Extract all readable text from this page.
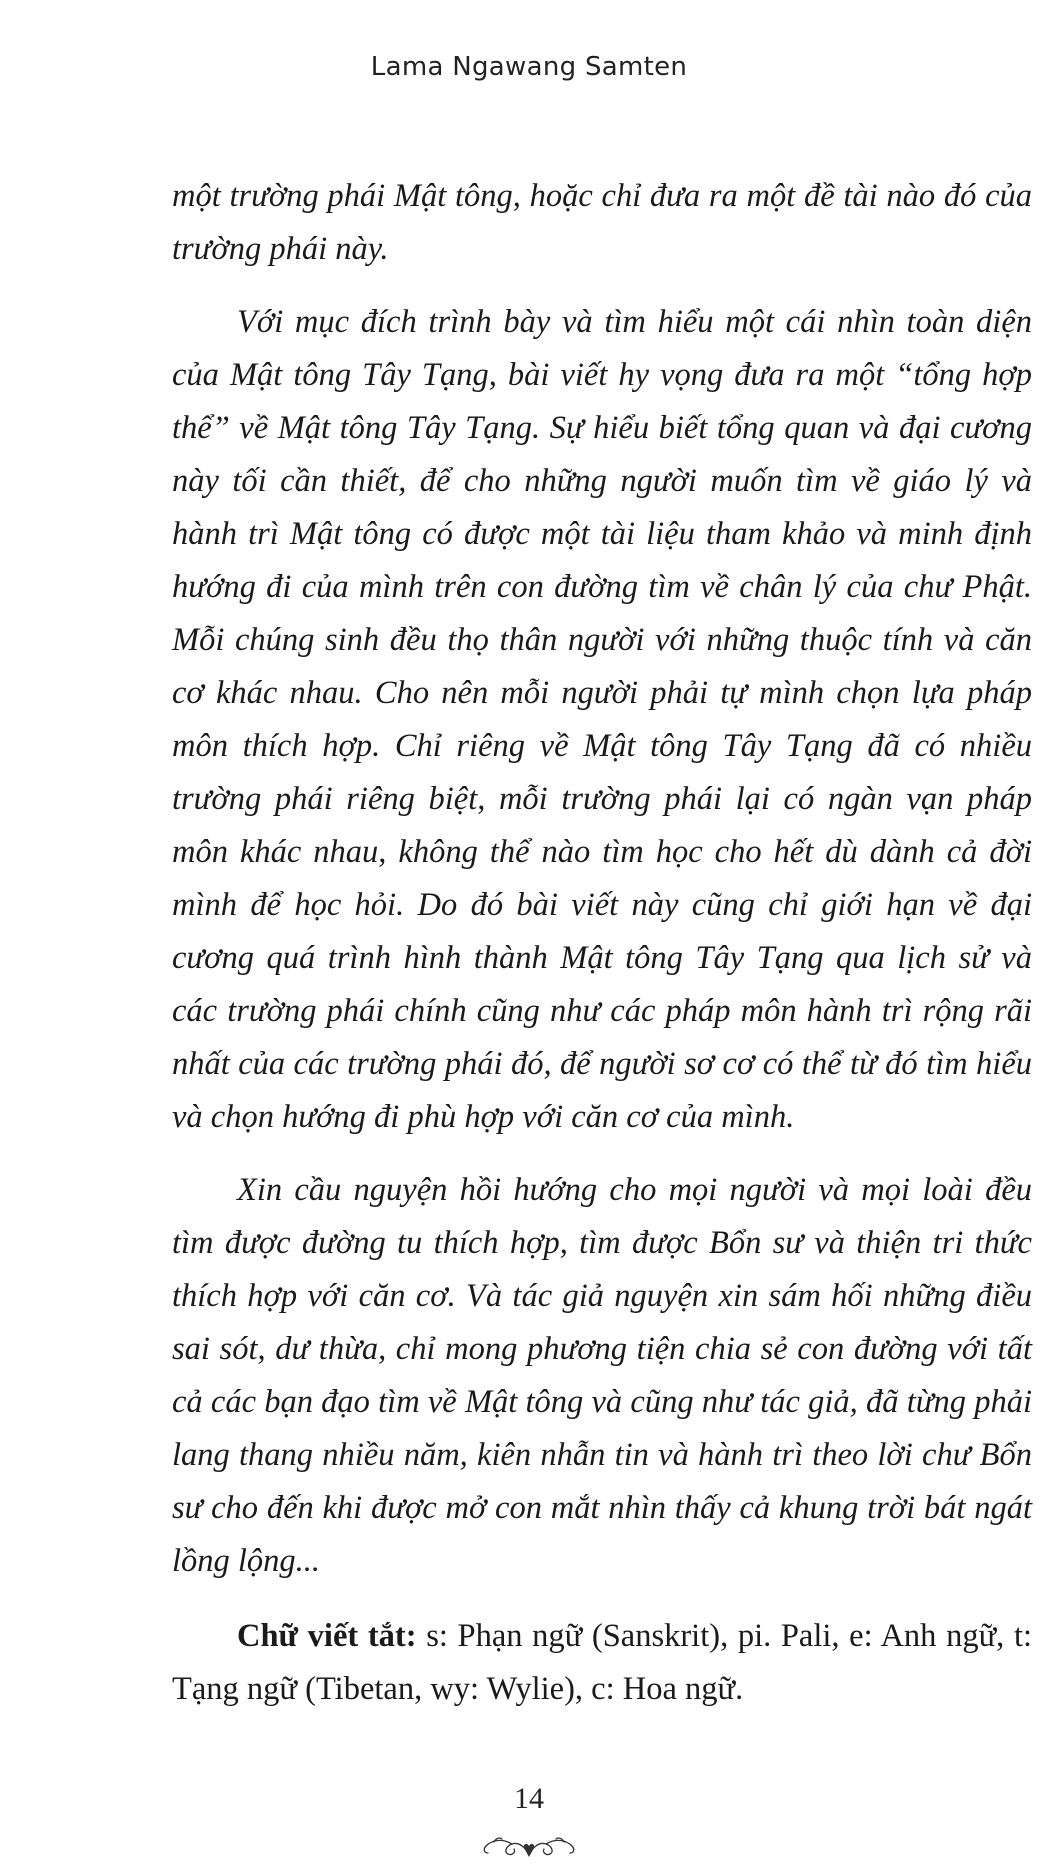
Lama Ngawang Samten

một trường phái Mật tông, hoặc chỉ đưa ra một đề tài nào đó của trường phái này.

Với mục đích trình bày và tìm hiểu một cái nhìn toàn diện của Mật tông Tây Tạng, bài viết hy vọng đưa ra một “tổng hợp thể” về Mật tông Tây Tạng. Sự hiểu biết tổng quan và đại cương này tối cần thiết, để cho những người muốn tìm về giáo lý và hành trì Mật tông có được một tài liệu tham khảo và minh định hướng đi của mình trên con đường tìm về chân lý của chư Phật. Mỗi chúng sinh đều thọ thân người với những thuộc tính và căn cơ khác nhau. Cho nên mỗi người phải tự mình chọn lựa pháp môn thích hợp. Chỉ riêng về Mật tông Tây Tạng đã có nhiều trường phái riêng biệt, mỗi trường phái lại có ngàn vạn pháp môn khác nhau, không thể nào tìm học cho hết dù dành cả đời mình để học hỏi. Do đó bài viết này cũng chỉ giới hạn về đại cương quá trình hình thành Mật tông Tây Tạng qua lịch sử và các trường phái chính cũng như các pháp môn hành trì rộng rãi nhất của các trường phái đó, để người sơ cơ có thể từ đó tìm hiểu và chọn hướng đi phù hợp với căn cơ của mình.

Xin cầu nguyện hồi hướng cho mọi người và mọi loài đều tìm được đường tu thích hợp, tìm được Bổn sư và thiện tri thức thích hợp với căn cơ. Và tác giả nguyện xin sám hối những điều sai sót, dư thừa, chỉ mong phương tiện chia sẻ con đường với tất cả các bạn đạo tìm về Mật tông và cũng như tác giả, đã từng phải lang thang nhiều năm, kiên nhẫn tin và hành trì theo lời chư Bổn sư cho đến khi được mở con mắt nhìn thấy cả khung trời bát ngát lồng lộng...

Chữ viết tắt: s: Phạn ngữ (Sanskrit), pi. Pali, e: Anh ngữ, t: Tạng ngữ (Tibetan, wy: Wylie), c: Hoa ngữ.

14
